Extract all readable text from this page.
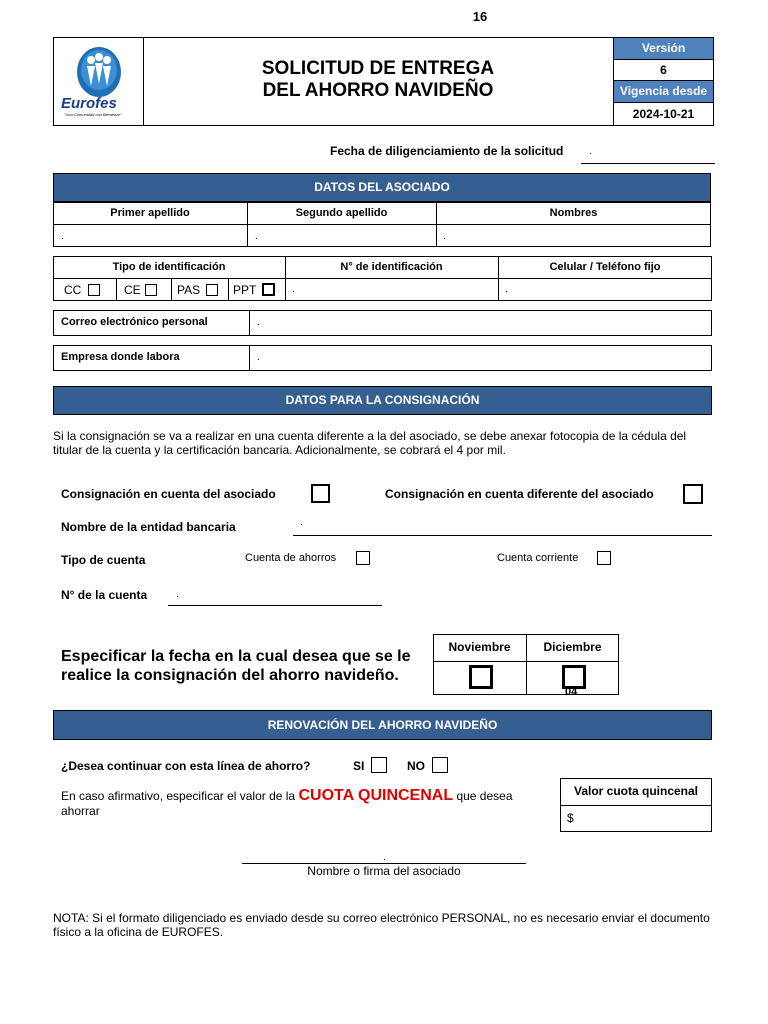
16
Eurofes
"Una Comunidad con Bienestar"
SOLICITUD DE ENTREGA
DEL AHORRO NAVIDEÑO
Versión
6
Vigencia desde
2024-10-21
Fecha de diligenciamiento de la solicitud	.
DATOS DEL ASOCIADO
Primer apellido	Segundo apellido	Nombres
.	.	.
Tipo de identificación	N° de identificación	Celular / Teléfono fijo
CC	CE	PAS	PPT	.	.
Correo electrónico personal	.
Empresa donde labora	.
DATOS PARA LA CONSIGNACIÓN
Si la consignación se va a realizar en una cuenta diferente a la del asociado, se debe anexar fotocopia de la cédula del titular de la cuenta y la certificación bancaria. Adicionalmente, se cobrará el 4 por mil.
Consignación en cuenta del asociado	Consignación en cuenta diferente del asociado
Nombre de la entidad bancaria	.
Tipo de cuenta	Cuenta de ahorros	Cuenta corriente
N° de la cuenta	.
Especificar la fecha en la cual desea que se le realice la consignación del ahorro navideño.
Noviembre	Diciembre
04
RENOVACIÓN DEL AHORRO NAVIDEÑO
¿Desea continuar con esta línea de ahorro?	SI	NO
En caso afirmativo, especificar el valor de la CUOTA QUINCENAL que desea ahorrar
Valor cuota quincenal
$
.
Nombre o firma del asociado
NOTA: Si el formato diligenciado es enviado desde su correo electrónico PERSONAL, no es necesario enviar el documento físico a la oficina de EUROFES.
